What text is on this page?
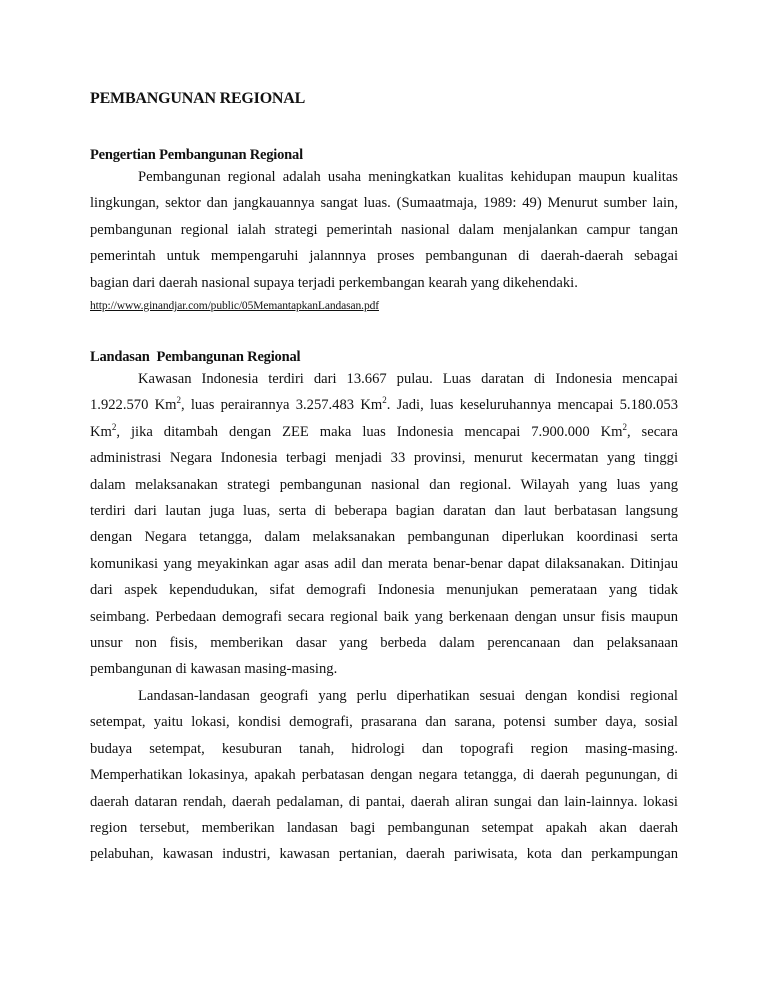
PEMBANGUNAN REGIONAL
Pengertian Pembangunan Regional
Pembangunan regional adalah usaha meningkatkan kualitas kehidupan maupun kualitas
lingkungan, sektor dan jangkauannya sangat luas. (Sumaatmaja, 1989: 49) Menurut sumber lain,
pembangunan regional ialah strategi pemerintah nasional dalam menjalankan campur tangan
pemerintah untuk mempengaruhi jalannnya proses pembangunan di daerah-daerah sebagai
bagian dari daerah nasional supaya terjadi perkembangan kearah yang dikehendaki.
http://www.ginandjar.com/public/05MemantapkanLandasan.pdf
Landasan  Pembangunan Regional
Kawasan Indonesia terdiri dari 13.667 pulau. Luas daratan di Indonesia mencapai
1.922.570 Km$^2$, luas perairannya 3.257.483 Km$^2$. Jadi, luas keseluruhannya mencapai 5.180.053
Km$^2$, jika ditambah dengan ZEE maka luas Indonesia mencapai 7.900.000 Km$^2$, secara
administrasi Negara Indonesia terbagi menjadi 33 provinsi, menurut kecermatan yang tinggi
dalam melaksanakan strategi pembangunan nasional dan regional. Wilayah yang luas yang
terdiri dari lautan juga luas, serta di beberapa bagian daratan dan laut berbatasan langsung
dengan Negara tetangga, dalam melaksanakan pembangunan diperlukan koordinasi serta
komunikasi yang meyakinkan agar asas adil dan merata benar-benar dapat dilaksanakan. Ditinjau
dari aspek kependudukan, sifat demografi Indonesia menunjukan pemerataan yang tidak
seimbang. Perbedaan demografi secara regional baik yang berkenaan dengan unsur fisis maupun
unsur non fisis, memberikan dasar yang berbeda dalam perencanaan dan pelaksanaan
pembangunan di kawasan masing-masing.
Landasan-landasan geografi yang perlu diperhatikan sesuai dengan kondisi regional
setempat, yaitu lokasi, kondisi demografi, prasarana dan sarana, potensi sumber daya, sosial
budaya setempat, kesuburan tanah, hidrologi dan topografi region masing-masing.
Memperhatikan lokasinya, apakah perbatasan dengan negara tetangga, di daerah pegunungan, di
daerah dataran rendah, daerah pedalaman, di pantai, daerah aliran sungai dan lain-lainnya. lokasi
region tersebut, memberikan landasan bagi pembangunan setempat apakah akan daerah
pelabuhan, kawasan industri, kawasan pertanian, daerah pariwisata, kota dan perkampungan
